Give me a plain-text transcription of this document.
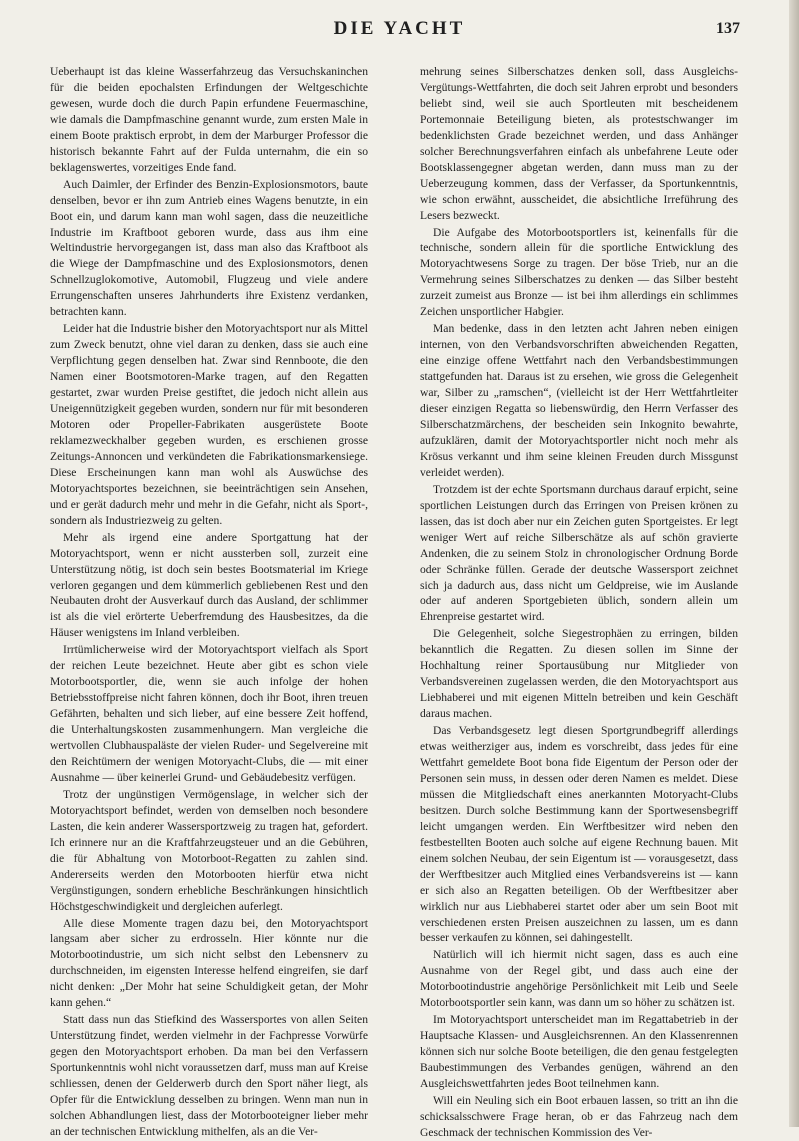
DIE YACHT	137

Ueberhaupt ist das kleine Wasserfahrzeug das Versuchskaninchen für die beiden epochalsten Erfindungen der Weltgeschichte gewesen, wurde doch die durch Papin erfundene Feuermaschine, wie damals die Dampfmaschine genannt wurde, zum ersten Male in einem Boote praktisch erprobt, in dem der Marburger Professor die historisch bekannte Fahrt auf der Fulda unternahm, die ein so beklagenswertes, vorzeitiges Ende fand.

Auch Daimler, der Erfinder des Benzin-Explosionsmotors, baute denselben, bevor er ihn zum Antrieb eines Wagens benutzte, in ein Boot ein, und darum kann man wohl sagen, dass die neuzeitliche Industrie im Kraftboot geboren wurde, dass aus ihm eine Weltindustrie hervorgegangen ist, dass man also das Kraftboot als die Wiege der Dampfmaschine und des Explosionsmotors, denen Schnellzuglokomotive, Automobil, Flugzeug und viele andere Errungenschaften unseres Jahrhunderts ihre Existenz verdanken, betrachten kann.

Leider hat die Industrie bisher den Motoryachtsport nur als Mittel zum Zweck benutzt, ohne viel daran zu denken, dass sie auch eine Verpflichtung gegen denselben hat. Zwar sind Rennboote, die den Namen einer Bootsmotoren-Marke tragen, auf den Regatten gestartet, zwar wurden Preise gestiftet, die jedoch nicht allein aus Uneigennützigkeit gegeben wurden, sondern nur für mit besonderen Motoren oder Propeller-Fabrikaten ausgerüstete Boote reklamezweckhalber gegeben wurden, es erschienen grosse Zeitungs-Annoncen und verkündeten die Fabrikationsmarkensiege. Diese Erscheinungen kann man wohl als Auswüchse des Motoryachtsportes bezeichnen, sie beeinträchtigen sein Ansehen, und er gerät dadurch mehr und mehr in die Gefahr, nicht als Sport-, sondern als Industriezweig zu gelten.

Mehr als irgend eine andere Sportgattung hat der Motoryachtsport, wenn er nicht aussterben soll, zurzeit eine Unterstützung nötig, ist doch sein bestes Bootsmaterial im Kriege verloren gegangen und dem kümmerlich gebliebenen Rest und den Neubauten droht der Ausverkauf durch das Ausland, der schlimmer ist als die viel erörterte Ueberfremdung des Hausbesitzes, da die Häuser wenigstens im Inland verbleiben.

Irrtümlicherweise wird der Motoryachtsport vielfach als Sport der reichen Leute bezeichnet. Heute aber gibt es schon viele Motorbootsportler, die, wenn sie auch infolge der hohen Betriebsstoffpreise nicht fahren können, doch ihr Boot, ihren treuen Gefährten, behalten und sich lieber, auf eine bessere Zeit hoffend, die Unterhaltungskosten zusammenhungern. Man vergleiche die wertvollen Clubhauspaläste der vielen Ruder- und Segelvereine mit den Reichtümern der wenigen Motoryacht-Clubs, die — mit einer Ausnahme — über keinerlei Grund- und Gebäudebesitz verfügen.

Trotz der ungünstigen Vermögenslage, in welcher sich der Motoryachtsport befindet, werden von demselben noch besondere Lasten, die kein anderer Wassersportzweig zu tragen hat, gefordert. Ich erinnere nur an die Kraftfahrzeugsteuer und an die Gebühren, die für Abhaltung von Motorboot-Regatten zu zahlen sind. Andererseits werden den Motorbooten hierfür etwa nicht Vergünstigungen, sondern erhebliche Beschränkungen hinsichtlich Höchstgeschwindigkeit und dergleichen auferlegt.

Alle diese Momente tragen dazu bei, den Motoryachtsport langsam aber sicher zu erdrosseln. Hier könnte nur die Motorbootindustrie, um sich nicht selbst den Lebensnerv zu durchschneiden, im eigensten Interesse helfend eingreifen, sie darf nicht denken: „Der Mohr hat seine Schuldigkeit getan, der Mohr kann gehen.“

Statt dass nun das Stiefkind des Wassersportes von allen Seiten Unterstützung findet, werden vielmehr in der Fachpresse Vorwürfe gegen den Motoryachtsport erhoben. Da man bei den Verfassern Sportunkenntnis wohl nicht voraussetzen darf, muss man auf Kreise schliessen, denen der Gelderwerb durch den Sport näher liegt, als Opfer für die Entwicklung desselben zu bringen. Wenn man nun in solchen Abhandlungen liest, dass der Motorbooteigner lieber mehr an der technischen Entwicklung mithelfen, als an die Ver-

mehrung seines Silberschatzes denken soll, dass Ausgleichs-Vergütungs-Wettfahrten, die doch seit Jahren erprobt und besonders beliebt sind, weil sie auch Sportleuten mit bescheidenem Portemonnaie Beteiligung bieten, als protestschwanger im bedenklichsten Grade bezeichnet werden, und dass Anhänger solcher Berechnungsverfahren einfach als unbefahrene Leute oder Bootsklassengegner abgetan werden, dann muss man zu der Ueberzeugung kommen, dass der Verfasser, da Sportunkenntnis, wie schon erwähnt, ausscheidet, die absichtliche Irreführung des Lesers bezweckt.

Die Aufgabe des Motorbootsportlers ist, keinenfalls für die technische, sondern allein für die sportliche Entwicklung des Motoryachtwesens Sorge zu tragen. Der böse Trieb, nur an die Vermehrung seines Silberschatzes zu denken — das Silber besteht zurzeit zumeist aus Bronze — ist bei ihm allerdings ein schlimmes Zeichen unsportlicher Habgier.

Man bedenke, dass in den letzten acht Jahren neben einigen internen, von den Verbandsvorschriften abweichenden Regatten, eine einzige offene Wettfahrt nach den Verbandsbestimmungen stattgefunden hat. Daraus ist zu ersehen, wie gross die Gelegenheit war, Silber zu „ramschen“, (vielleicht ist der Herr Wettfahrtleiter dieser einzigen Regatta so liebenswürdig, den Herrn Verfasser des Silberschatzmärchens, der bescheiden sein Inkognito bewahrte, aufzuklären, damit der Motoryachtsportler nicht noch mehr als Krösus verkannt und ihm seine kleinen Freuden durch Missgunst verleidet werden).

Trotzdem ist der echte Sportsmann durchaus darauf erpicht, seine sportlichen Leistungen durch das Erringen von Preisen krönen zu lassen, das ist doch aber nur ein Zeichen guten Sportgeistes. Er legt weniger Wert auf reiche Silberschätze als auf schön gravierte Andenken, die zu seinem Stolz in chronologischer Ordnung Borde oder Schränke füllen. Gerade der deutsche Wassersport zeichnet sich ja dadurch aus, dass nicht um Geldpreise, wie im Auslande oder auf anderen Sportgebieten üblich, sondern allein um Ehrenpreise gestartet wird.

Die Gelegenheit, solche Siegestrophäen zu erringen, bilden bekanntlich die Regatten. Zu diesen sollen im Sinne der Hochhaltung reiner Sportausübung nur Mitglieder von Verbandsvereinen zugelassen werden, die den Motoryachtsport aus Liebhaberei und mit eigenen Mitteln betreiben und kein Geschäft daraus machen.

Das Verbandsgesetz legt diesen Sportgrundbegriff allerdings etwas weitherziger aus, indem es vorschreibt, dass jedes für eine Wettfahrt gemeldete Boot bona fide Eigentum der Person oder der Personen sein muss, in dessen oder deren Namen es meldet. Diese müssen die Mitgliedschaft eines anerkannten Motoryacht-Clubs besitzen. Durch solche Bestimmung kann der Sportwesensbegriff leicht umgangen werden. Ein Werftbesitzer wird neben den festbestellten Booten auch solche auf eigene Rechnung bauen. Mit einem solchen Neubau, der sein Eigentum ist — vorausgesetzt, dass der Werftbesitzer auch Mitglied eines Verbandsvereins ist — kann er sich also an Regatten beteiligen. Ob der Werftbesitzer aber wirklich nur aus Liebhaberei startet oder aber um sein Boot mit verschiedenen ersten Preisen auszeichnen zu lassen, um es dann besser verkaufen zu können, sei dahingestellt.

Natürlich will ich hiermit nicht sagen, dass es auch eine Ausnahme von der Regel gibt, und dass auch eine der Motorbootindustrie angehörige Persönlichkeit mit Leib und Seele Motorbootsportler sein kann, was dann um so höher zu schätzen ist.

Im Motoryachtsport unterscheidet man im Regattabetrieb in der Hauptsache Klassen- und Ausgleichsrennen. An den Klassenrennen können sich nur solche Boote beteiligen, die den genau festgelegten Baubestimmungen des Verbandes genügen, während an den Ausgleichswettfahrten jedes Boot teilnehmen kann.

Will ein Neuling sich ein Boot erbauen lassen, so tritt an ihn die schicksalsschwere Frage heran, ob er das Fahrzeug nach dem Geschmack der technischen Kommission des Ver-
